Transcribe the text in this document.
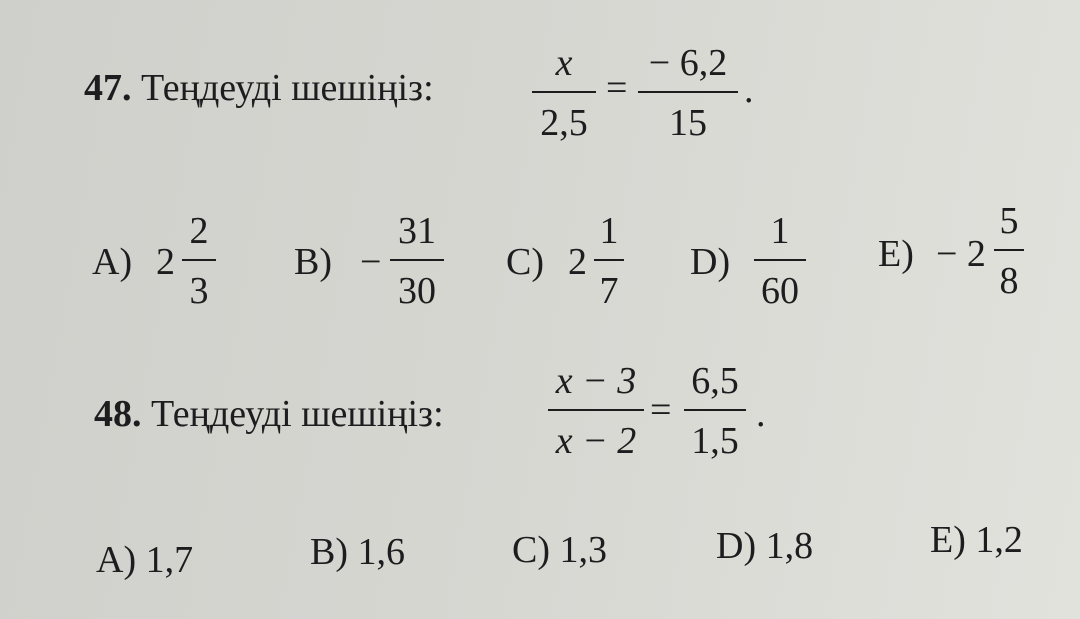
47. Теңдеуді шешіңіз:
x
2,5
=
− 6,2
15
.
A) 2
2
3
B) −
31
30
C) 2
1
7
D)
1
60
E) − 2
5
8
48. Теңдеуді шешіңіз:
x − 3
x − 2
=
6,5
1,5
.
A) 1,7	B) 1,6	C) 1,3	D) 1,8	E) 1,2
